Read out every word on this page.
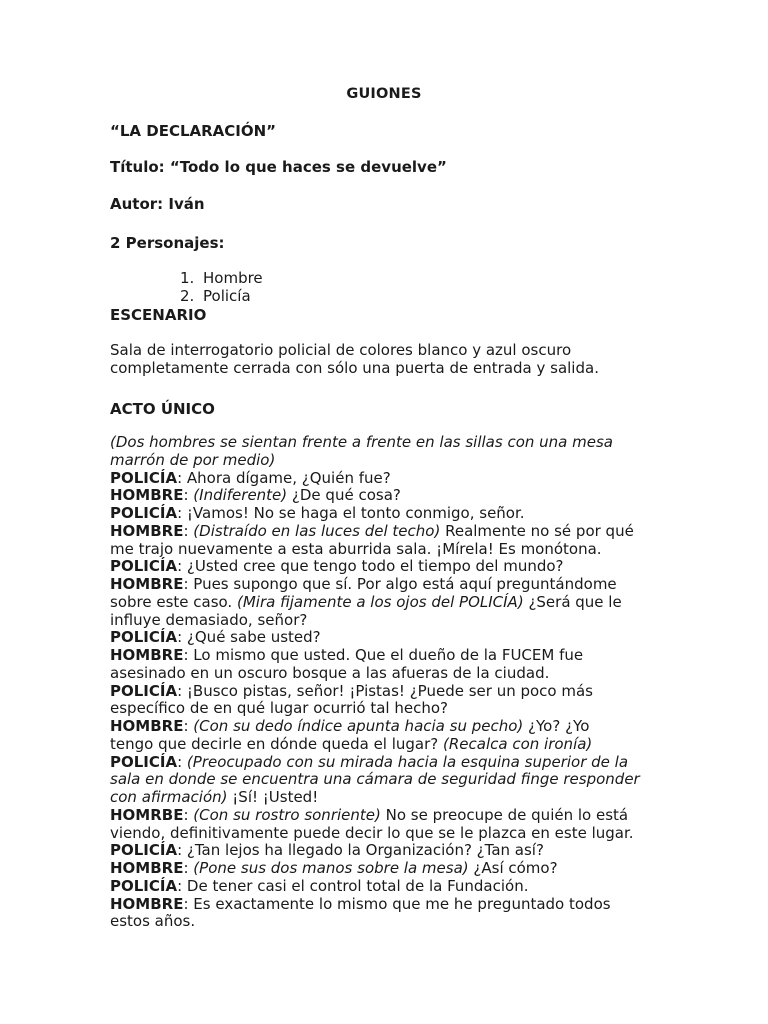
GUIONES
“LA DECLARACIÓN”
Título: “Todo lo que haces se devuelve”
Autor: Iván
2 Personajes:
1. Hombre
2. Policía
ESCENARIO
Sala de interrogatorio policial de colores blanco y azul oscuro
completamente cerrada con sólo una puerta de entrada y salida.
ACTO ÚNICO
(Dos hombres se sientan frente a frente en las sillas con una mesa
marrón de por medio)
POLICÍA: Ahora dígame, ¿Quién fue?
HOMBRE: (Indiferente) ¿De qué cosa?
POLICÍA: ¡Vamos! No se haga el tonto conmigo, señor.
HOMBRE: (Distraído en las luces del techo) Realmente no sé por qué
me trajo nuevamente a esta aburrida sala. ¡Mírela! Es monótona.
POLICÍA: ¿Usted cree que tengo todo el tiempo del mundo?
HOMBRE: Pues supongo que sí. Por algo está aquí preguntándome
sobre este caso. (Mira fijamente a los ojos del POLICÍA) ¿Será que le
influye demasiado, señor?
POLICÍA: ¿Qué sabe usted?
HOMBRE: Lo mismo que usted. Que el dueño de la FUCEM fue
asesinado en un oscuro bosque a las afueras de la ciudad.
POLICÍA: ¡Busco pistas, señor! ¡Pistas! ¿Puede ser un poco más
específico de en qué lugar ocurrió tal hecho?
HOMBRE: (Con su dedo índice apunta hacia su pecho) ¿Yo? ¿Yo
tengo que decirle en dónde queda el lugar? (Recalca con ironía)
POLICÍA: (Preocupado con su mirada hacia la esquina superior de la
sala en donde se encuentra una cámara de seguridad finge responder
con afirmación) ¡Sí! ¡Usted!
HOMRBE: (Con su rostro sonriente) No se preocupe de quién lo está
viendo, definitivamente puede decir lo que se le plazca en este lugar.
POLICÍA: ¿Tan lejos ha llegado la Organización? ¿Tan así?
HOMBRE: (Pone sus dos manos sobre la mesa) ¿Así cómo?
POLICÍA: De tener casi el control total de la Fundación.
HOMBRE: Es exactamente lo mismo que me he preguntado todos
estos años.
